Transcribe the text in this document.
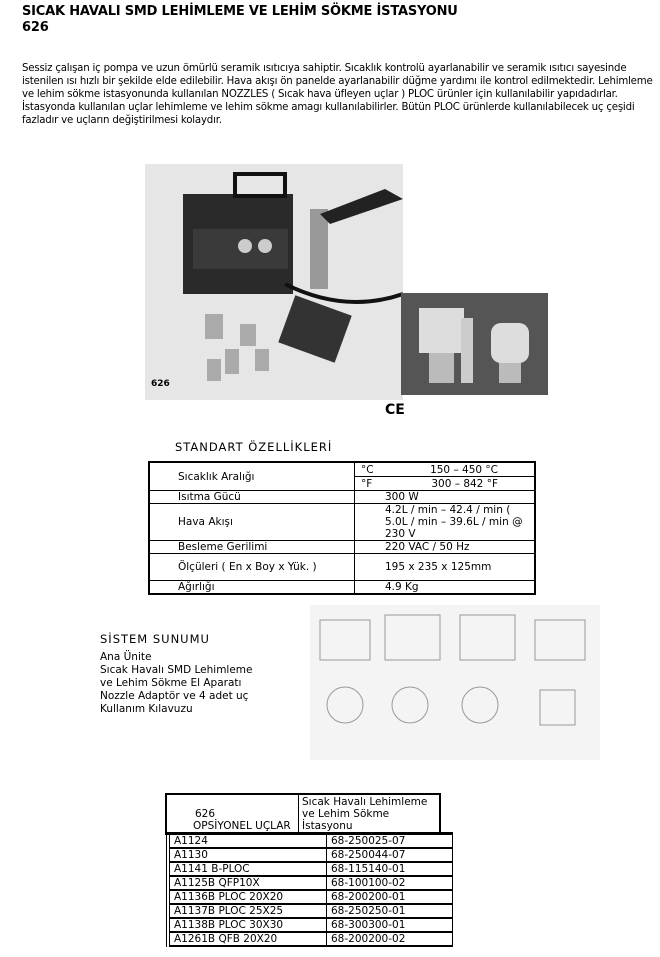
SICAK HAVALI SMD LEHİMLEME VE LEHİM SÖKME İSTASYONU
626
Sessiz çalışan iç pompa ve uzun ömürlü seramik ısıtıcıya sahiptir. Sıcaklık kontrolü ayarlanabilir ve seramik ısıtıcı sayesinde istenilen ısı hızlı bir şekilde elde edilebilir. Hava akışı ön panelde ayarlanabilir düğme yardımı ile kontrol edilmektedir. Lehimleme ve lehim sökme istasyonunda kullanılan NOZZLES ( Sıcak hava üfleyen uçlar ) PLOC ürünler için kullanılabilir yapıdadırlar. İstasyonda kullanılan uçlar lehimleme ve lehim sökme amagı kullanılabilirler. Bütün PLOC ürünlerde kullanılabilecek uç çeşidi fazladır ve uçların değiştirilmesi kolaydır.
626
CE
STANDART ÖZELLİKLERİ
Sıcaklık Aralığı	°C 150 – 450 °C

	°F 300 – 842 °F

Isıtma Gücü	300 W
Hava Akışı	4.2L / min – 42.4 / min ( 5.0L / min – 39.6L / min @ 230 V
Besleme Gerilimi	220 VAC / 50 Hz
Ölçüleri ( En x Boy x Yük. )	195 x 235 x 125mm
Ağırlığı	4.9 Kg
SİSTEM SUNUMU
Ana Ünite
Sıcak Havalı SMD Lehimleme
ve Lehim Sökme El Aparatı
Nozzle Adaptör ve 4 adet uç
Kullanım Kılavuzu
626	Sıcak Havalı Lehimleme ve Lehim Sökme İstasyonu
OPSİYONEL UÇLAR
A1124	68-250025-07
A1130	68-250044-07
A1141 B-PLOC	68-115140-01
A1125B QFP10X	68-100100-02
A1136B PLOC 20X20	68-200200-01
A1137B PLOC 25X25	68-250250-01
A1138B PLOC 30X30	68-300300-01
A1261B QFB 20X20	68-200200-02
